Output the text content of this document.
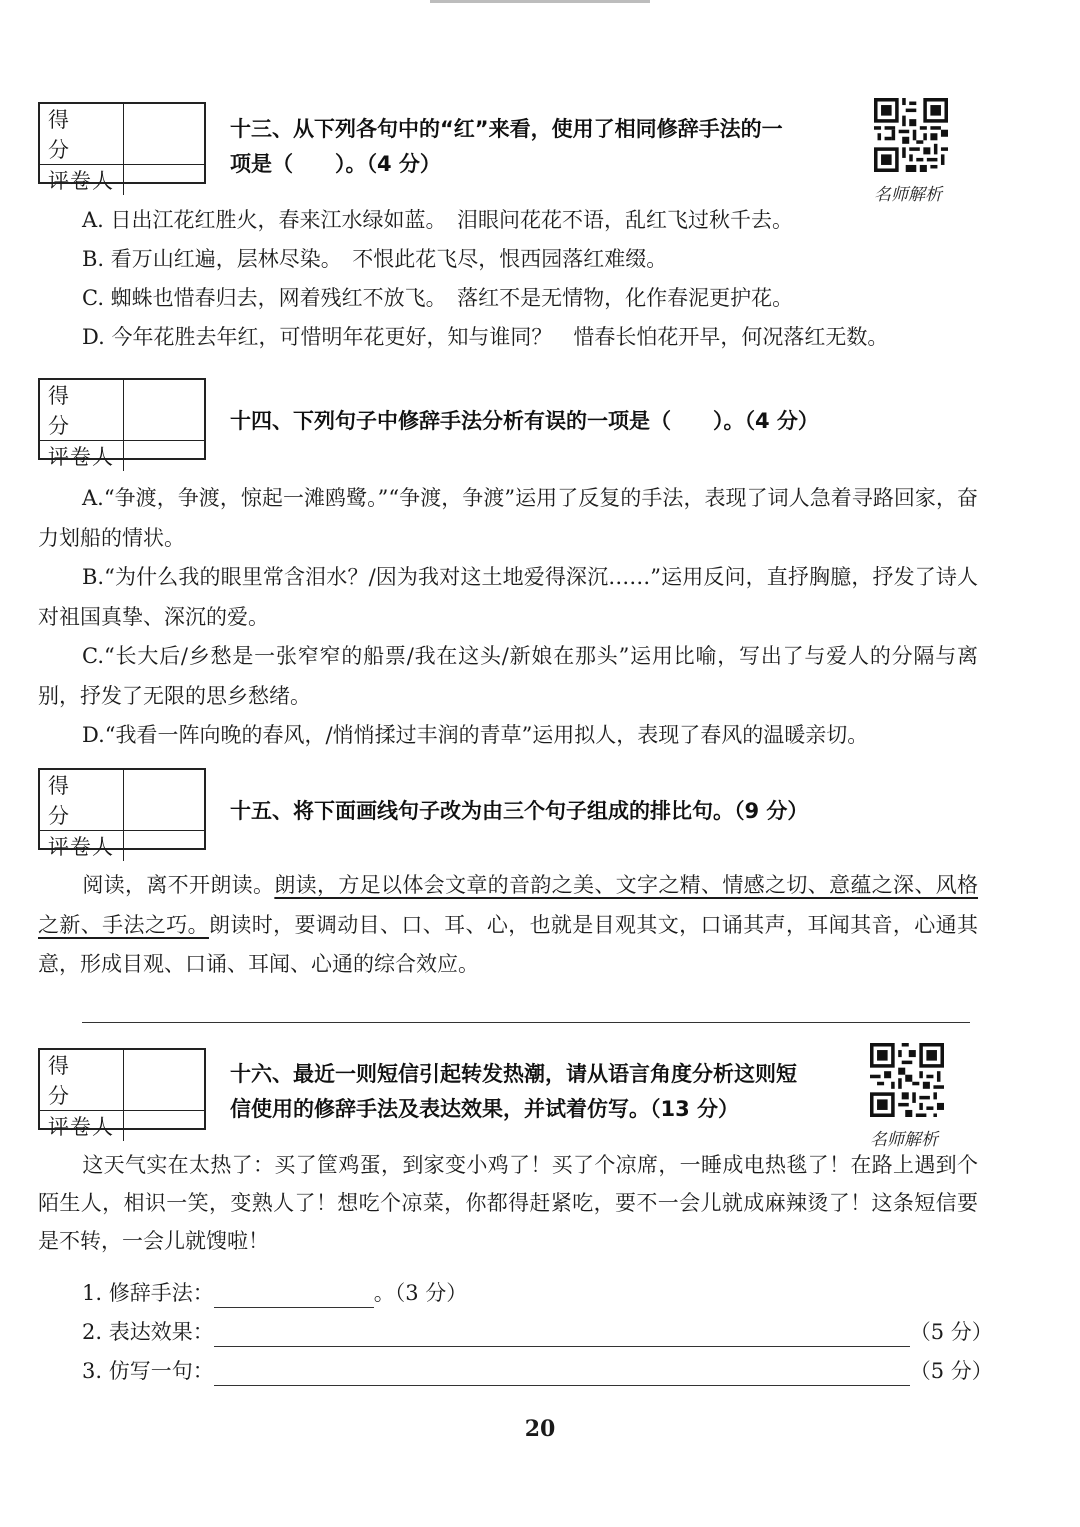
得分
评卷人
十三、从下列各句中的“红”来看，使用了相同修辞手法的一
项是（　　）。（4 分）
名师解析
A. 日出江花红胜火，春来江水绿如蓝。　泪眼问花花不语，乱红飞过秋千去。
B. 看万山红遍，层林尽染。　不恨此花飞尽，恨西园落红难缀。
C. 蜘蛛也惜春归去，网着残红不放飞。　落红不是无情物，化作春泥更护花。
D. 今年花胜去年红，可惜明年花更好，知与谁同？　惜春长怕花开早，何况落红无数。
得分
评卷人
十四、下列句子中修辞手法分析有误的一项是（　　）。（4 分）
A.“争渡，争渡，惊起一滩鸥鹭。”“争渡，争渡”运用了反复的手法，表现了词人急着寻路回家，奋力划船的情状。
B.“为什么我的眼里常含泪水？/因为我对这土地爱得深沉……”运用反问，直抒胸臆，抒发了诗人对祖国真挚、深沉的爱。
C.“长大后/乡愁是一张窄窄的船票/我在这头/新娘在那头”运用比喻，写出了与爱人的分隔与离别，抒发了无限的思乡愁绪。
D.“我看一阵向晚的春风，/悄悄揉过丰润的青草”运用拟人，表现了春风的温暖亲切。
得分
评卷人
十五、将下面画线句子改为由三个句子组成的排比句。（9 分）
阅读，离不开朗读。朗读，方足以体会文章的音韵之美、文字之精、情感之切、意蕴之深、风格之新、手法之巧。朗读时，要调动目、口、耳、心，也就是目观其文，口诵其声，耳闻其音，心通其意，形成目观、口诵、耳闻、心通的综合效应。
得分
评卷人
十六、最近一则短信引起转发热潮，请从语言角度分析这则短
信使用的修辞手法及表达效果，并试着仿写。（13 分）
名师解析
这天气实在太热了：买了筐鸡蛋，到家变小鸡了！买了个凉席，一睡成电热毯了！在路上遇到个陌生人，相识一笑，变熟人了！想吃个凉菜，你都得赶紧吃，要不一会儿就成麻辣烫了！这条短信要是不转，一会儿就馊啦！
1. 修辞手法：	。（3 分）
2. 表达效果：	（5 分）
3. 仿写一句：	（5 分）
20
